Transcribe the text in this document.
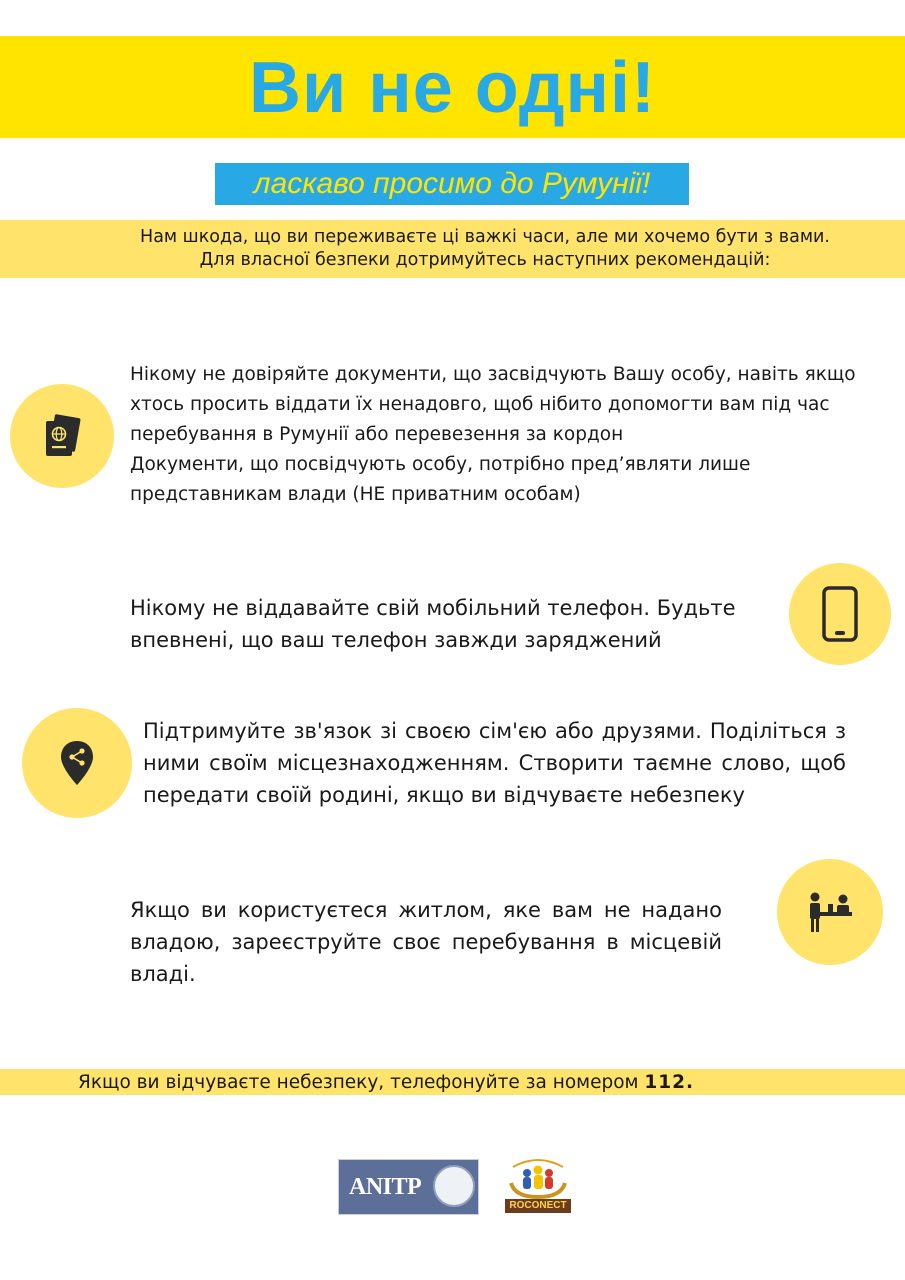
Ви не одні!
ласкаво просимо до Румунії!
Нам шкода, що ви переживаєте ці важкі часи, але ми хочемо бути з вами.
Для власної безпеки дотримуйтесь наступних рекомендацій:
Нікому не довіряйте документи, що засвідчують Вашу особу, навіть якщо хтось просить віддати їх ненадовго, щоб нібито допомогти вам під час перебування в Румунії або перевезення за кордон
Документи, що посвідчують особу, потрібно пред’являти лише представникам влади (НЕ приватним особам)
Нікому не віддавайте свій мобільний телефон. Будьте впевнені, що ваш телефон завжди заряджений
Підтримуйте зв'язок зі своєю сім'єю або друзями. Поділіться з ними своїм місцезнаходженням. Створити таємне слово, щоб передати своїй родині, якщо ви відчуваєте небезпеку
Якщо ви користуєтеся житлом, яке вам не надано владою, зареєструйте своє перебування в місцевій владі.
Якщо ви відчуваєте небезпеку, телефонуйте за номером 112.
ANITP
ROCONECT
